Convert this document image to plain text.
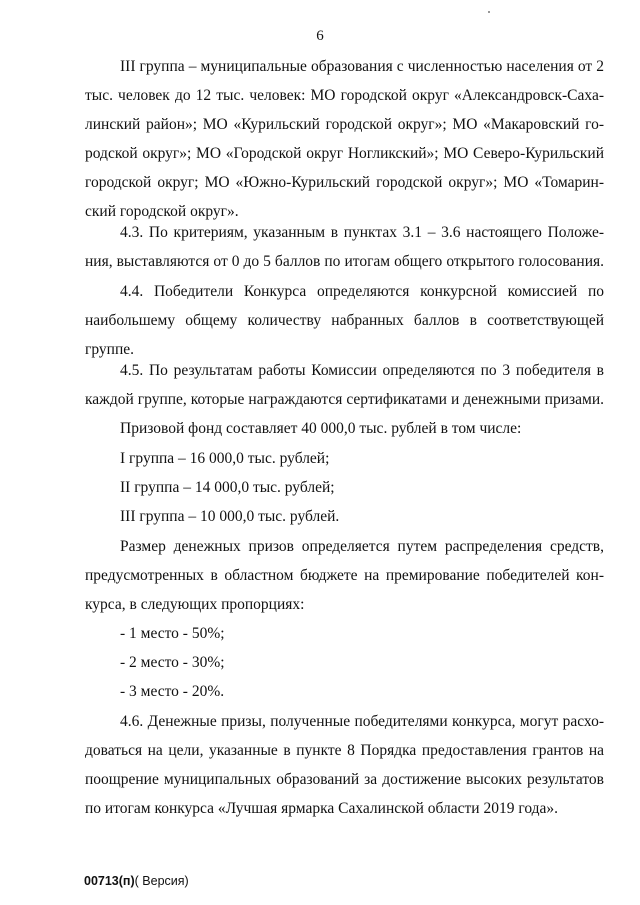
6
III группа – муниципальные образования с численностью населения от 2
тыс. человек до 12 тыс. человек: МО городской округ «Александровск-Саха-
линский район»; МО «Курильский городской округ»; МО «Макаровский го-
родской округ»; МО «Городской округ Ногликский»; МО Северо-Курильский
городской округ; МО «Южно-Курильский городской округ»; МО «Томарин-
ский городской округ».
4.3. По критериям, указанным в пунктах 3.1 – 3.6 настоящего Положе-
ния, выставляются от 0 до 5 баллов по итогам общего открытого голосования.
4.4. Победители Конкурса определяются конкурсной комиссией по
наибольшему общему количеству набранных баллов в соответствующей
группе.
4.5. По результатам работы Комиссии определяются по 3 победителя в
каждой группе, которые награждаются сертификатами и денежными призами.
Призовой фонд составляет 40 000,0 тыс. рублей в том числе:
I группа – 16 000,0 тыс. рублей;
II группа – 14 000,0 тыс. рублей;
III группа – 10 000,0 тыс. рублей.
Размер денежных призов определяется путем распределения средств,
предусмотренных в областном бюджете на премирование победителей кон-
курса, в следующих пропорциях:
- 1 место - 50%;
- 2 место - 30%;
- 3 место - 20%.
4.6. Денежные призы, полученные победителями конкурса, могут расхо-
доваться на цели, указанные в пункте 8 Порядка предоставления грантов на
поощрение муниципальных образований за достижение высоких результатов
по итогам конкурса «Лучшая ярмарка Сахалинской области 2019 года».
00713(п)( Версия)
